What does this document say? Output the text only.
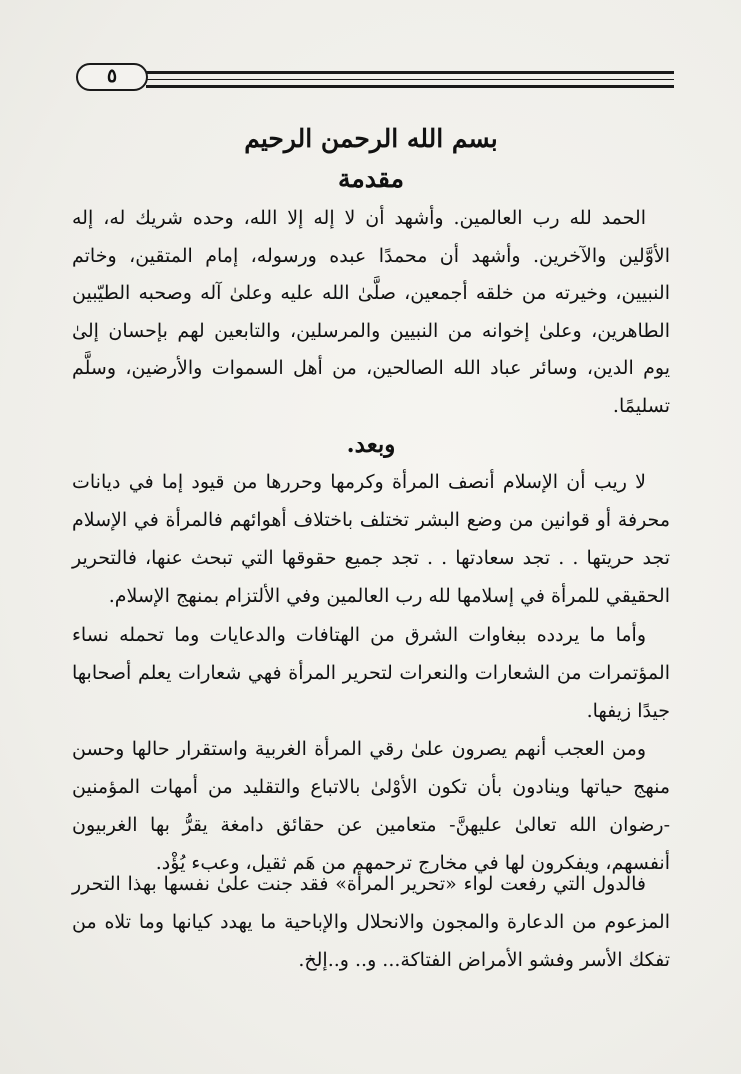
٥
بسم الله الرحمن الرحيم
مقدمة

الحمد لله رب العالمين. وأشهد أن لا إله إلا الله، وحده شريك له، إله الأوَّلين والآخرين. وأشهد أن محمدًا عبده ورسوله، إمام المتقين، وخاتم النبيين، وخيرته من خلقه أجمعين، صلَّىٰ الله عليه وعلىٰ آله وصحبه الطيّبين الطاهرين، وعلىٰ إخوانه من النبيين والمرسلين، والتابعين لهم بإحسان إلىٰ يوم الدين، وسائر عباد الله الصالحين، من أهل السموات والأرضين، وسلَّم تسليمًا.

وبعد.

لا ريب أن الإسلام أنصف المرأة وكرمها وحررها من قيود إما في ديانات محرفة أو قوانين من وضع البشر تختلف باختلاف أهوائهم فالمرأة في الإسلام تجد حريتها . . تجد سعادتها . . تجد جميع حقوقها التي تبحث عنها، فالتحرير الحقيقي للمرأة في إسلامها لله رب العالمين وفي الألتزام بمنهج الإسلام.

وأما ما يردده ببغاوات الشرق من الهتافات والدعايات وما تحمله نساء المؤتمرات من الشعارات والنعرات لتحرير المرأة فهي شعارات يعلم أصحابها جيدًا زيفها.

ومن العجب أنهم يصرون علىٰ رقي المرأة الغربية واستقرار حالها وحسن منهج حياتها وينادون بأن تكون الأوْلىٰ بالاتباع والتقليد من أمهات المؤمنين -رضوان الله تعالىٰ عليهنَّ- متعامين عن حقائق دامغة يقرُّ بها الغربيون أنفسهم، ويفكرون لها في مخارج ترحمهم من هَم ثقيل، وعبء يُؤْد.

فالدول التي رفعت لواء «تحرير المرأة» فقد جنت علىٰ نفسها بهذا التحرر المزعوم من الدعارة والمجون والانحلال والإباحية ما يهدد كيانها وما تلاه من تفكك الأسر وفشو الأمراض الفتاكة... و.. و..إلخ.
